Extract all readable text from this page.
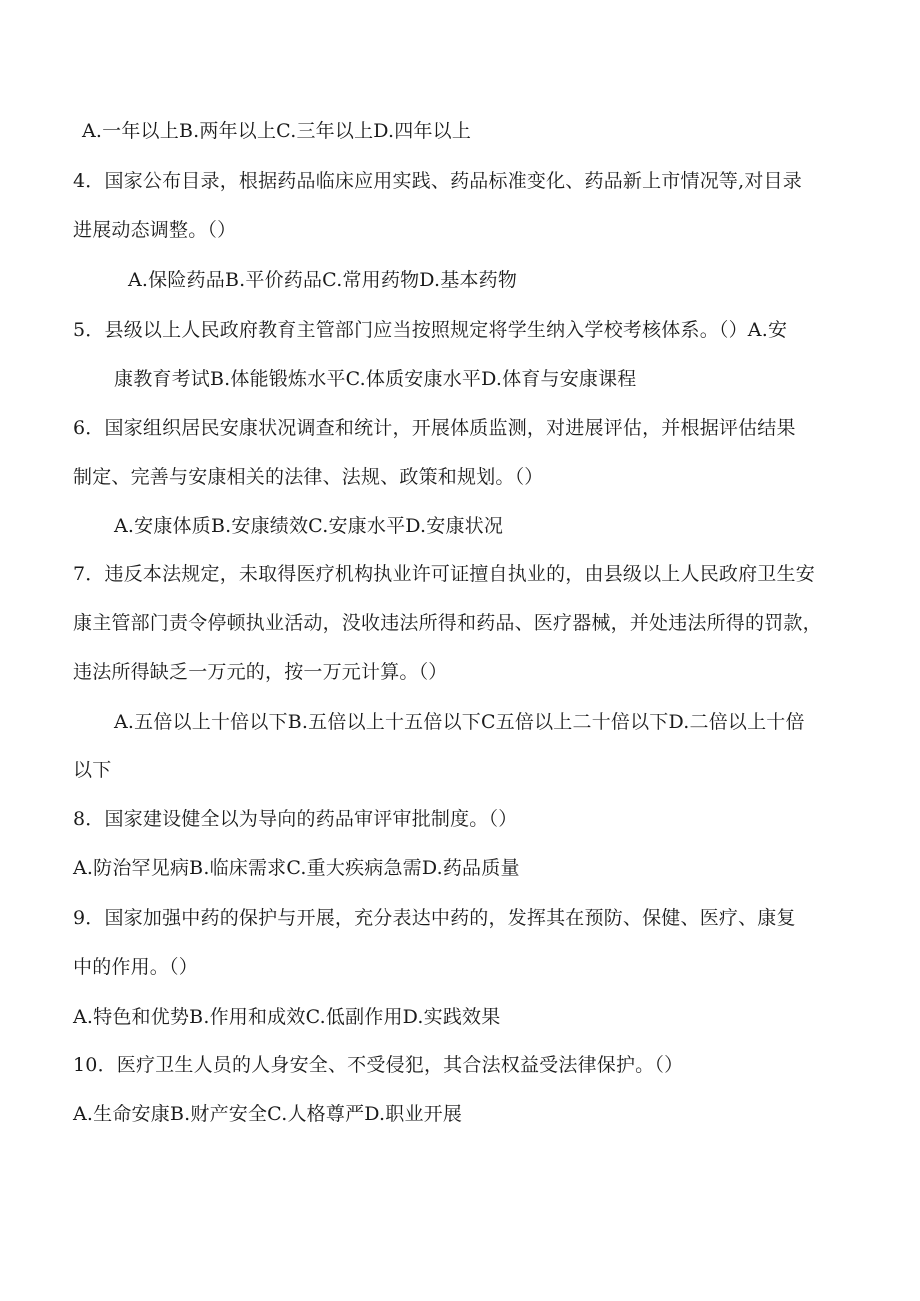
A.一年以上B.两年以上C.三年以上D.四年以上
4．国家公布目录，根据药品临床应用实践、药品标准变化、药品新上市情况等,对目录
进展动态调整。（）
A.保险药品B.平价药品C.常用药物D.基本药物
5．县级以上人民政府教育主管部门应当按照规定将学生纳入学校考核体系。（）A.安
康教育考试B.体能锻炼水平C.体质安康水平D.体育与安康课程
6．国家组织居民安康状况调查和统计，开展体质监测，对进展评估，并根据评估结果
制定、完善与安康相关的法律、法规、政策和规划。（）
A.安康体质B.安康绩效C.安康水平D.安康状况
7．违反本法规定，未取得医疗机构执业许可证擅自执业的，由县级以上人民政府卫生安
康主管部门责令停顿执业活动，没收违法所得和药品、医疗器械，并处违法所得的罚款，
违法所得缺乏一万元的，按一万元计算。（）
A.五倍以上十倍以下B.五倍以上十五倍以下C五倍以上二十倍以下D.二倍以上十倍
以下
8．国家建设健全以为导向的药品审评审批制度。（）
A.防治罕见病B.临床需求C.重大疾病急需D.药品质量
9．国家加强中药的保护与开展，充分表达中药的，发挥其在预防、保健、医疗、康复
中的作用。（）
A.特色和优势B.作用和成效C.低副作用D.实践效果
10．医疗卫生人员的人身安全、不受侵犯，其合法权益受法律保护。（）
A.生命安康B.财产安全C.人格尊严D.职业开展
